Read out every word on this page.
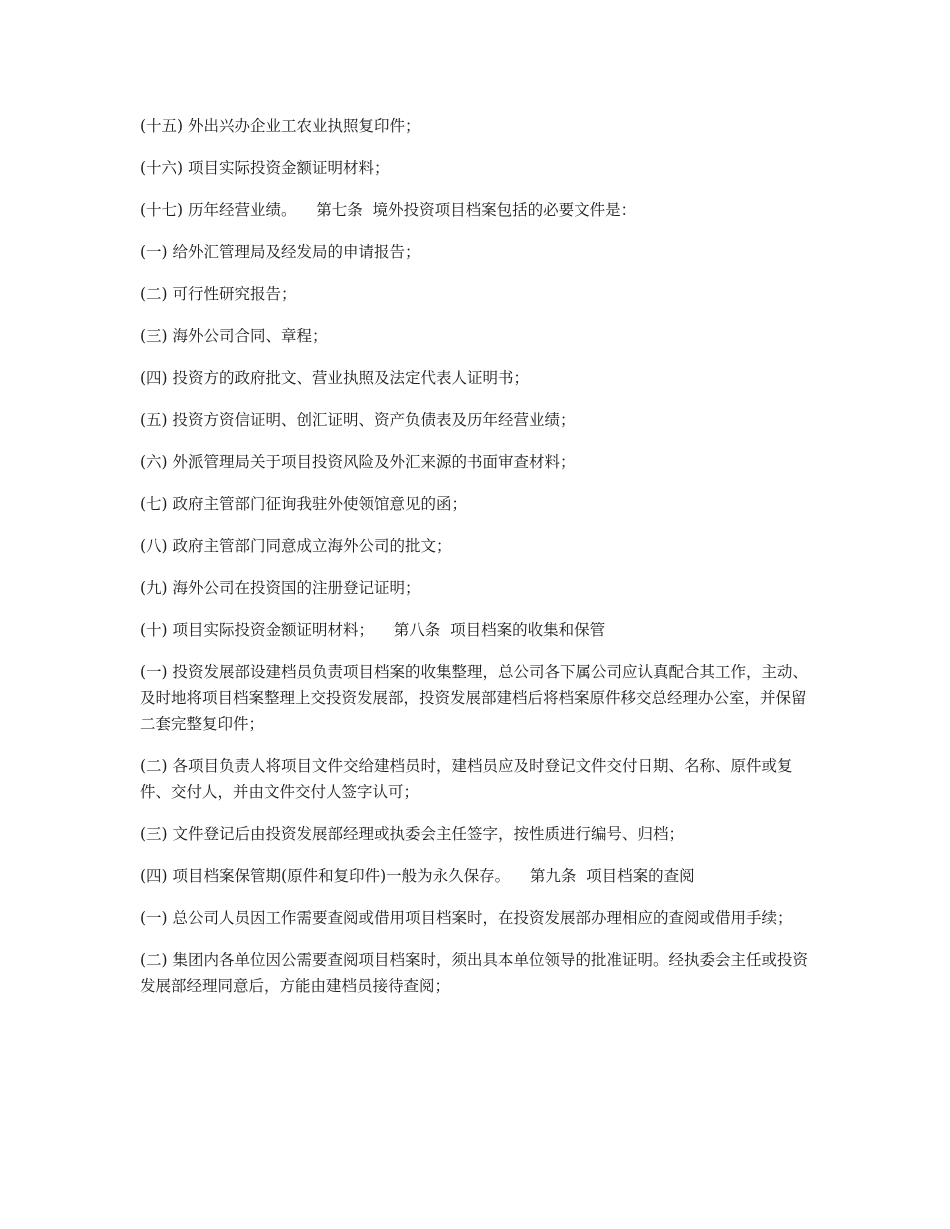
(十五) 外出兴办企业工农业执照复印件；

(十六) 项目实际投资金额证明材料；

(十七) 历年经营业绩。    第七条  境外投资项目档案包括的必要文件是：

(一) 给外汇管理局及经发局的申请报告；

(二) 可行性研究报告；

(三) 海外公司合同、章程；

(四) 投资方的政府批文、营业执照及法定代表人证明书；

(五) 投资方资信证明、创汇证明、资产负债表及历年经营业绩；

(六) 外派管理局关于项目投资风险及外汇来源的书面审查材料；

(七) 政府主管部门征询我驻外使领馆意见的函；

(八) 政府主管部门同意成立海外公司的批文；

(九) 海外公司在投资国的注册登记证明；

(十) 项目实际投资金额证明材料；    第八条  项目档案的收集和保管

(一) 投资发展部设建档员负责项目档案的收集整理，总公司各下属公司应认真配合其工作，主动、及时地将项目档案整理上交投资发展部，投资发展部建档后将档案原件移交总经理办公室，并保留二套完整复印件；

(二) 各项目负责人将项目文件交给建档员时，建档员应及时登记文件交付日期、名称、原件或复件、交付人，并由文件交付人签字认可；

(三) 文件登记后由投资发展部经理或执委会主任签字，按性质进行编号、归档；

(四) 项目档案保管期(原件和复印件)一般为永久保存。    第九条  项目档案的查阅

(一) 总公司人员因工作需要查阅或借用项目档案时，在投资发展部办理相应的查阅或借用手续；

(二) 集团内各单位因公需要查阅项目档案时，须出具本单位领导的批准证明。经执委会主任或投资发展部经理同意后，方能由建档员接待查阅；
